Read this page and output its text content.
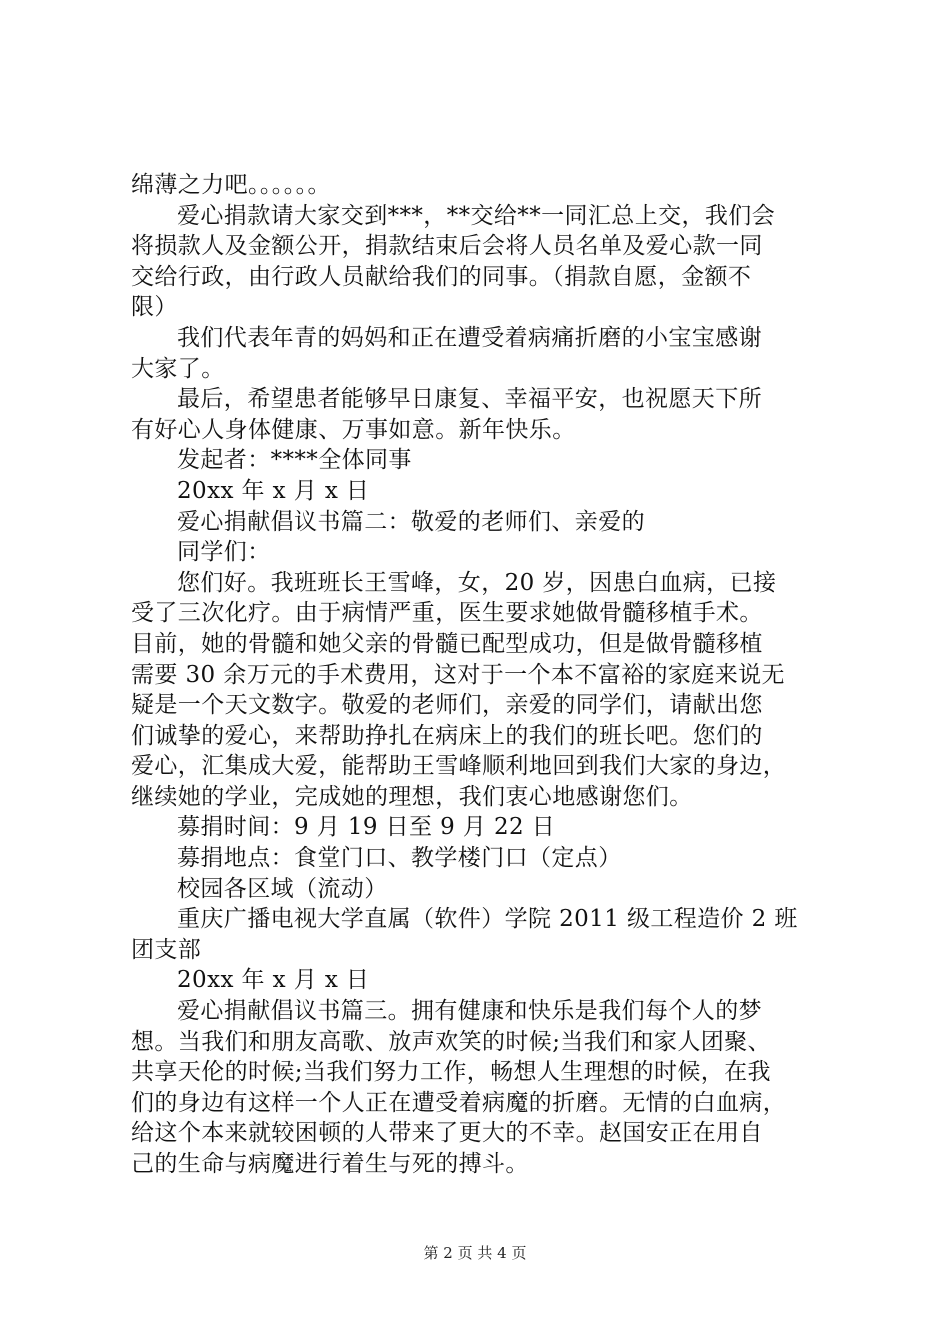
绵薄之力吧。。。。。。
爱心捐款请大家交到***，**交给**一同汇总上交，我们会
将损款人及金额公开，捐款结束后会将人员名单及爱心款一同
交给行政，由行政人员献给我们的同事。（捐款自愿，金额不
限）
我们代表年青的妈妈和正在遭受着病痛折磨的小宝宝感谢
大家了。
最后，希望患者能够早日康复、幸福平安，也祝愿天下所
有好心人身体健康、万事如意。新年快乐。
发起者：****全体同事
20xx 年 x 月 x 日
爱心捐献倡议书篇二：敬爱的老师们、亲爱的
同学们：
您们好。我班班长王雪峰，女，20 岁，因患白血病，已接
受了三次化疗。由于病情严重，医生要求她做骨髓移植手术。
目前，她的骨髓和她父亲的骨髓已配型成功，但是做骨髓移植
需要 30 余万元的手术费用，这对于一个本不富裕的家庭来说无
疑是一个天文数字。敬爱的老师们，亲爱的同学们，请献出您
们诚挚的爱心，来帮助挣扎在病床上的我们的班长吧。您们的
爱心，汇集成大爱，能帮助王雪峰顺利地回到我们大家的身边，
继续她的学业，完成她的理想，我们衷心地感谢您们。
募捐时间：9 月 19 日至 9 月 22 日
募捐地点：食堂门口、教学楼门口（定点）
校园各区域（流动）
重庆广播电视大学直属（软件）学院 2011 级工程造价 2 班
团支部
20xx 年 x 月 x 日
爱心捐献倡议书篇三。拥有健康和快乐是我们每个人的梦
想。当我们和朋友高歌、放声欢笑的时候;当我们和家人团聚、
共享天伦的时候;当我们努力工作，畅想人生理想的时候，在我
们的身边有这样一个人正在遭受着病魔的折磨。无情的白血病，
给这个本来就较困顿的人带来了更大的不幸。赵国安正在用自
己的生命与病魔进行着生与死的搏斗。
第 2 页 共 4 页
